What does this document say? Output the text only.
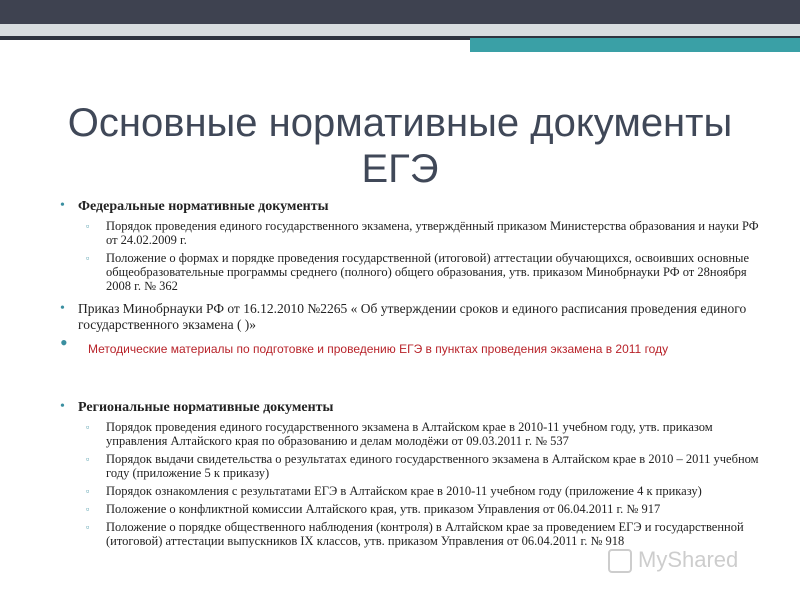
Основные нормативные документы
ЕГЭ
• Федеральные нормативные документы
▫ Порядок проведения единого государственного экзамена, утверждённый приказом Министерства образования и науки РФ от 24.02.2009 г.
▫ Положение о формах и порядке проведения государственной (итоговой) аттестации обучающихся, освоивших основные общеобразовательные программы среднего (полного) общего образования, утв. приказом Минобрнауки РФ от 28ноября 2008 г. № 362
• Приказ Минобрнауки РФ от 16.12.2010 №2265 « Об утверждении сроков и единого расписания проведения единого государственного экзамена ( )»
• Методические материалы по подготовке и проведению ЕГЭ в пунктах проведения экзамена в 2011 году
• Региональные нормативные документы
▫ Порядок проведения единого государственного экзамена в Алтайском крае в 2010-11 учебном году, утв. приказом управления Алтайского края по образованию и делам молодёжи от 09.03.2011 г. № 537
▫ Порядок выдачи свидетельства о результатах единого государственного экзамена в Алтайском крае в 2010 – 2011 учебном году (приложение 5 к приказу)
▫ Порядок ознакомления с результатами ЕГЭ в Алтайском крае в 2010-11 учебном году (приложение 4 к приказу)
▫ Положение о конфликтной комиссии Алтайского края, утв. приказом Управления от 06.04.2011 г. № 917
▫ Положение о порядке общественного наблюдения (контроля) в Алтайском крае за проведением ЕГЭ и государственной (итоговой) аттестации выпускников IX классов, утв. приказом Управления от 06.04.2011 г. № 918
MyShared
